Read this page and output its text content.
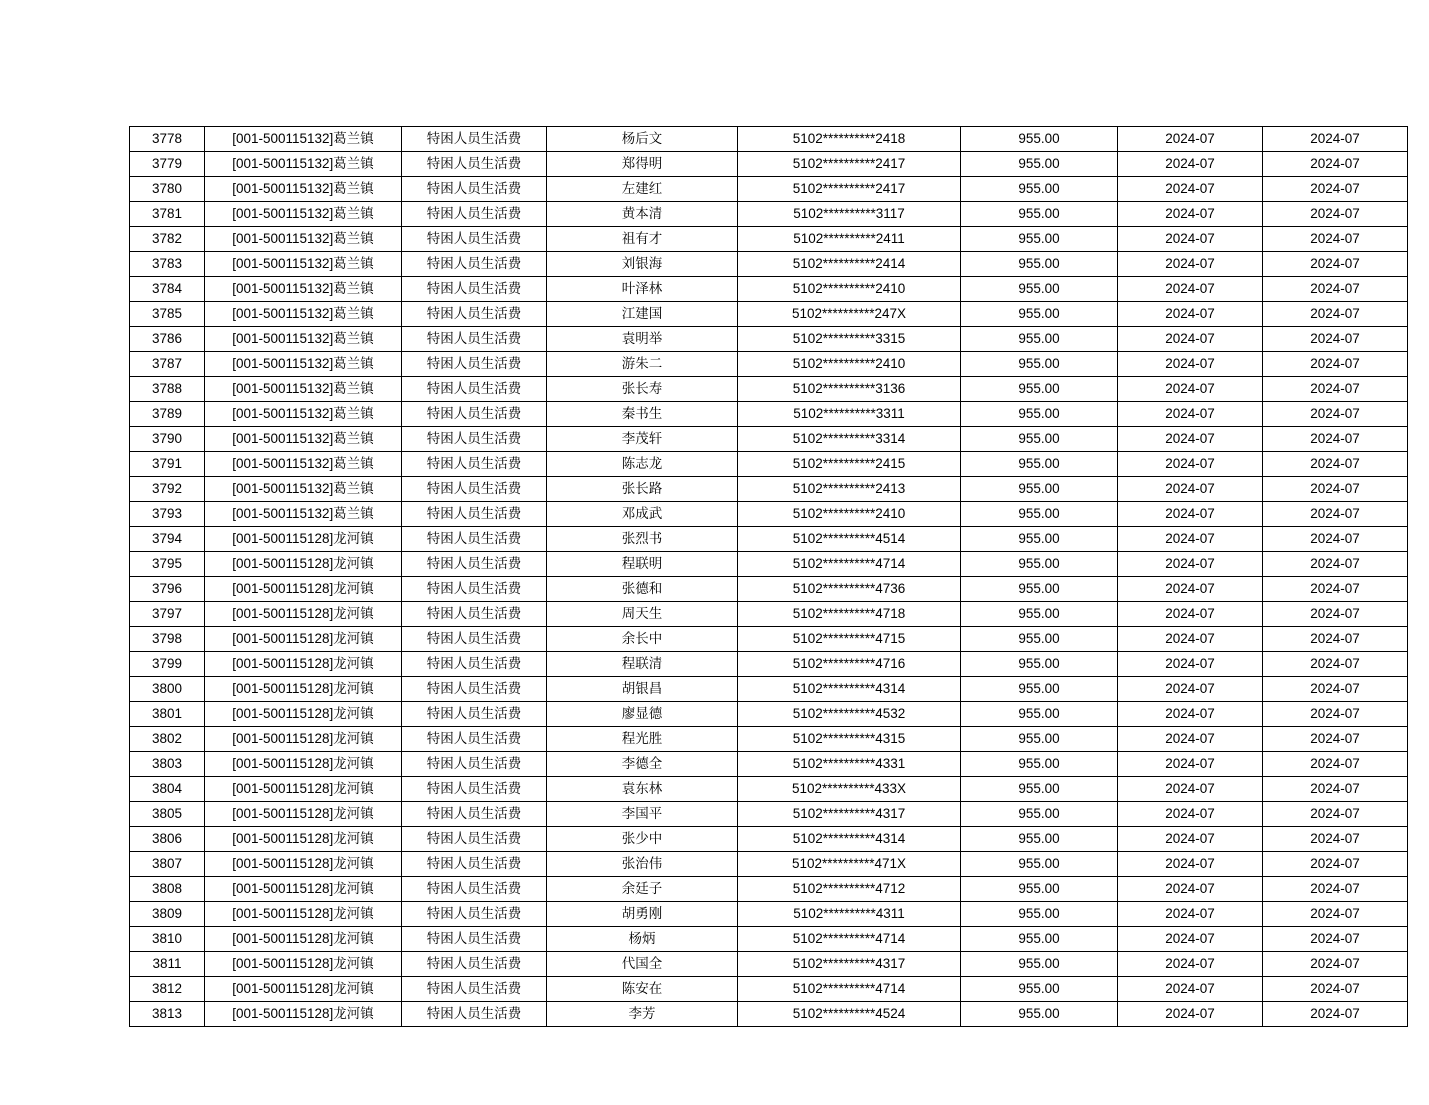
3778	[001-500115132]葛兰镇	特困人员生活费	杨后文	5102**********2418	955.00	2024-07	2024-07
3779	[001-500115132]葛兰镇	特困人员生活费	郑得明	5102**********2417	955.00	2024-07	2024-07
3780	[001-500115132]葛兰镇	特困人员生活费	左建红	5102**********2417	955.00	2024-07	2024-07
3781	[001-500115132]葛兰镇	特困人员生活费	黄本清	5102**********3117	955.00	2024-07	2024-07
3782	[001-500115132]葛兰镇	特困人员生活费	祖有才	5102**********2411	955.00	2024-07	2024-07
3783	[001-500115132]葛兰镇	特困人员生活费	刘银海	5102**********2414	955.00	2024-07	2024-07
3784	[001-500115132]葛兰镇	特困人员生活费	叶泽林	5102**********2410	955.00	2024-07	2024-07
3785	[001-500115132]葛兰镇	特困人员生活费	江建国	5102**********247X	955.00	2024-07	2024-07
3786	[001-500115132]葛兰镇	特困人员生活费	袁明举	5102**********3315	955.00	2024-07	2024-07
3787	[001-500115132]葛兰镇	特困人员生活费	游朱二	5102**********2410	955.00	2024-07	2024-07
3788	[001-500115132]葛兰镇	特困人员生活费	张长寿	5102**********3136	955.00	2024-07	2024-07
3789	[001-500115132]葛兰镇	特困人员生活费	秦书生	5102**********3311	955.00	2024-07	2024-07
3790	[001-500115132]葛兰镇	特困人员生活费	李茂轩	5102**********3314	955.00	2024-07	2024-07
3791	[001-500115132]葛兰镇	特困人员生活费	陈志龙	5102**********2415	955.00	2024-07	2024-07
3792	[001-500115132]葛兰镇	特困人员生活费	张长路	5102**********2413	955.00	2024-07	2024-07
3793	[001-500115132]葛兰镇	特困人员生活费	邓成武	5102**********2410	955.00	2024-07	2024-07
3794	[001-500115128]龙河镇	特困人员生活费	张烈书	5102**********4514	955.00	2024-07	2024-07
3795	[001-500115128]龙河镇	特困人员生活费	程联明	5102**********4714	955.00	2024-07	2024-07
3796	[001-500115128]龙河镇	特困人员生活费	张德和	5102**********4736	955.00	2024-07	2024-07
3797	[001-500115128]龙河镇	特困人员生活费	周天生	5102**********4718	955.00	2024-07	2024-07
3798	[001-500115128]龙河镇	特困人员生活费	余长中	5102**********4715	955.00	2024-07	2024-07
3799	[001-500115128]龙河镇	特困人员生活费	程联清	5102**********4716	955.00	2024-07	2024-07
3800	[001-500115128]龙河镇	特困人员生活费	胡银昌	5102**********4314	955.00	2024-07	2024-07
3801	[001-500115128]龙河镇	特困人员生活费	廖显德	5102**********4532	955.00	2024-07	2024-07
3802	[001-500115128]龙河镇	特困人员生活费	程光胜	5102**********4315	955.00	2024-07	2024-07
3803	[001-500115128]龙河镇	特困人员生活费	李德全	5102**********4331	955.00	2024-07	2024-07
3804	[001-500115128]龙河镇	特困人员生活费	袁东林	5102**********433X	955.00	2024-07	2024-07
3805	[001-500115128]龙河镇	特困人员生活费	李国平	5102**********4317	955.00	2024-07	2024-07
3806	[001-500115128]龙河镇	特困人员生活费	张少中	5102**********4314	955.00	2024-07	2024-07
3807	[001-500115128]龙河镇	特困人员生活费	张治伟	5102**********471X	955.00	2024-07	2024-07
3808	[001-500115128]龙河镇	特困人员生活费	余廷子	5102**********4712	955.00	2024-07	2024-07
3809	[001-500115128]龙河镇	特困人员生活费	胡勇刚	5102**********4311	955.00	2024-07	2024-07
3810	[001-500115128]龙河镇	特困人员生活费	杨炳	5102**********4714	955.00	2024-07	2024-07
3811	[001-500115128]龙河镇	特困人员生活费	代国全	5102**********4317	955.00	2024-07	2024-07
3812	[001-500115128]龙河镇	特困人员生活费	陈安在	5102**********4714	955.00	2024-07	2024-07
3813	[001-500115128]龙河镇	特困人员生活费	李芳	5102**********4524	955.00	2024-07	2024-07
